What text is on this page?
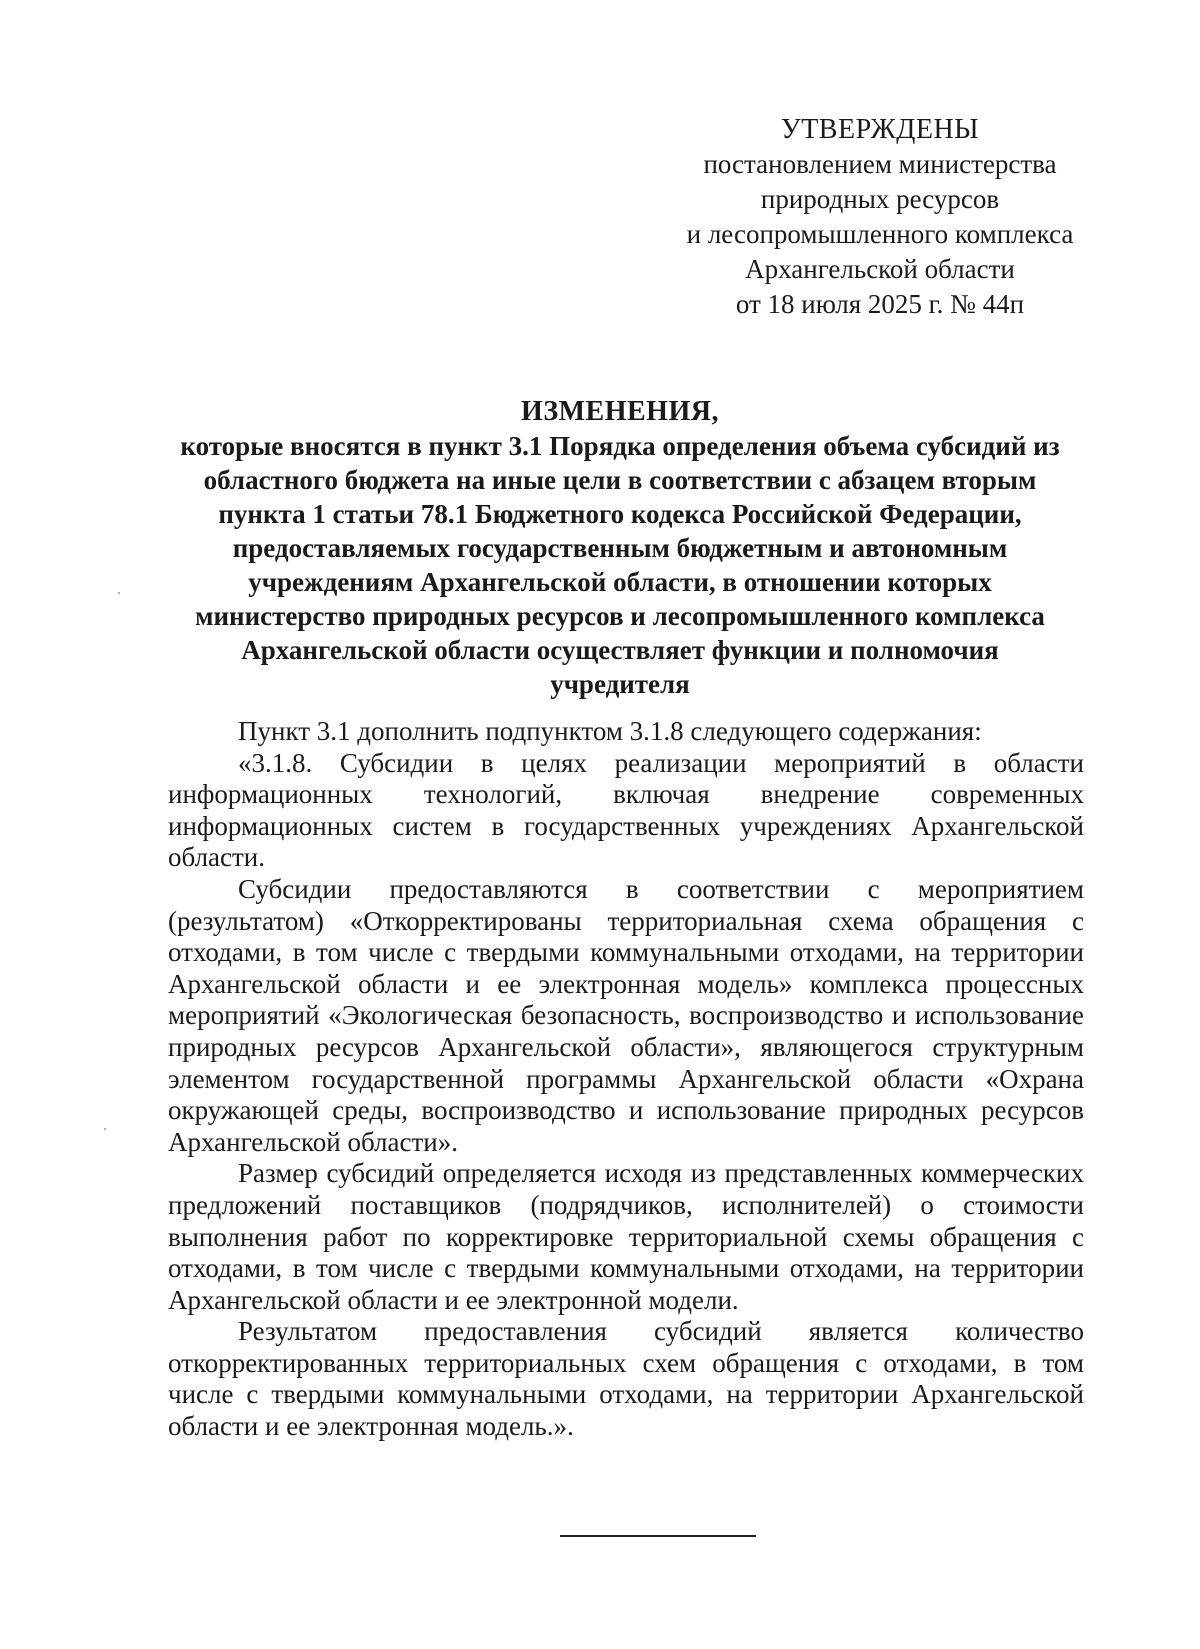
УТВЕРЖДЕНЫ
постановлением министерства
природных ресурсов
и лесопромышленного комплекса
Архангельской области
от 18 июля 2025 г. № 44п
ИЗМЕНЕНИЯ,
которые вносятся в пункт 3.1 Порядка определения объема субсидий из
областного бюджета на иные цели в соответствии с абзацем вторым
пункта 1 статьи 78.1 Бюджетного кодекса Российской Федерации,
предоставляемых государственным бюджетным и автономным
учреждениям Архангельской области, в отношении которых
министерство природных ресурсов и лесопромышленного комплекса
Архангельской области осуществляет функции и полномочия
учредителя

Пункт 3.1 дополнить подпунктом 3.1.8 следующего содержания:

«3.1.8. Субсидии в целях реализации мероприятий в области информационных технологий, включая внедрение современных информационных систем в государственных учреждениях Архангельской области.

Субсидии предоставляются в соответствии с мероприятием (результатом) «Откорректированы территориальная схема обращения с отходами, в том числе с твердыми коммунальными отходами, на территории Архангельской области и ее электронная модель» комплекса процессных мероприятий «Экологическая безопасность, воспроизводство и использование природных ресурсов Архангельской области», являющегося структурным элементом государственной программы Архангельской области «Охрана окружающей среды, воспроизводство и использование природных ресурсов Архангельской области».

Размер субсидий определяется исходя из представленных коммерческих предложений поставщиков (подрядчиков, исполнителей) о стоимости выполнения работ по корректировке территориальной схемы обращения с отходами, в том числе с твердыми коммунальными отходами, на территории Архангельской области и ее электронной модели.

Результатом предоставления субсидий является количество откорректированных территориальных схем обращения с отходами, в том числе с твердыми коммунальными отходами, на территории Архангельской области и ее электронная модель.».
